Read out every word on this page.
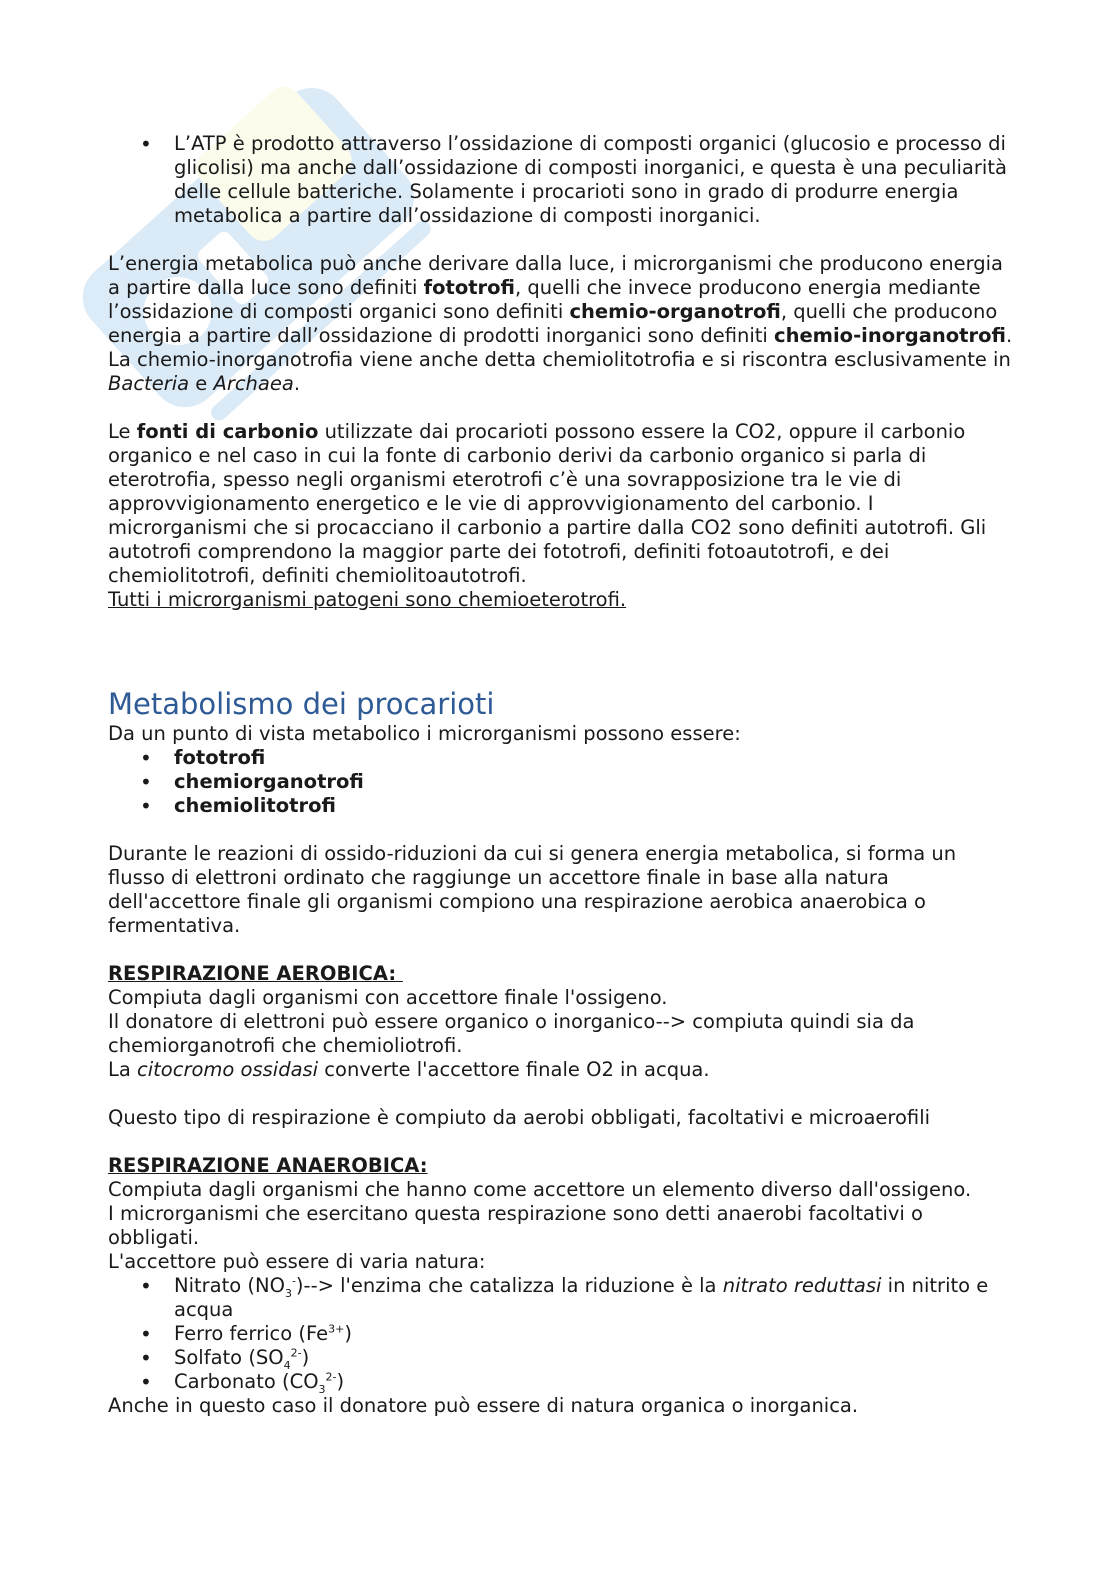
• L’ATP è prodotto attraverso l’ossidazione di composti organici (glucosio e processo di glicolisi) ma anche dall’ossidazione di composti inorganici, e questa è una peculiarità delle cellule batteriche. Solamente i procarioti sono in grado di produrre energia metabolica a partire dall’ossidazione di composti inorganici.

L’energia metabolica può anche derivare dalla luce, i microrganismi che producono energia a partire dalla luce sono definiti fototrofi, quelli che invece producono energia mediante l’ossidazione di composti organici sono definiti chemio-organotrofi, quelli che producono energia a partire dall’ossidazione di prodotti inorganici sono definiti chemio-inorganotrofi. La chemio-inorganotrofia viene anche detta chemiolitotrofia e si riscontra esclusivamente in Bacteria e Archaea.

Le fonti di carbonio utilizzate dai procarioti possono essere la CO2, oppure il carbonio organico e nel caso in cui la fonte di carbonio derivi da carbonio organico si parla di eterotrofia, spesso negli organismi eterotrofi c’è una sovrapposizione tra le vie di approvvigionamento energetico e le vie di approvvigionamento del carbonio. I microrganismi che si procacciano il carbonio a partire dalla CO2 sono definiti autotrofi. Gli autotrofi comprendono la maggior parte dei fototrofi, definiti fotoautotrofi, e dei chemiolitotrofi, definiti chemiolitoautotrofi.

Tutti i microrganismi patogeni sono chemioeterotrofi.

Metabolismo dei procarioti

Da un punto di vista metabolico i microrganismi possono essere:

• fototrofi
• chemiorganotrofi
• chemiolitotrofi

Durante le reazioni di ossido-riduzioni da cui si genera energia metabolica, si forma un flusso di elettroni ordinato che raggiunge un accettore finale in base alla natura dell'accettore finale gli organismi compiono una respirazione aerobica anaerobica o fermentativa.

RESPIRAZIONE AEROBICA:

Compiuta dagli organismi con accettore finale l'ossigeno.

Il donatore di elettroni può essere organico o inorganico--> compiuta quindi sia da chemiorganotrofi che chemioliotrofi.

La citocromo ossidasi converte l'accettore finale O2 in acqua.

Questo tipo di respirazione è compiuto da aerobi obbligati, facoltativi e microaerofili

RESPIRAZIONE ANAEROBICA:

Compiuta dagli organismi che hanno come accettore un elemento diverso dall'ossigeno.

I microrganismi che esercitano questa respirazione sono detti anaerobi facoltativi o obbligati.

L'accettore può essere di varia natura:

• Nitrato $(NO_3^-)-->$ l'enzima che catalizza la riduzione è la nitrato reduttasi in nitrito e acqua
• Ferro ferrico $(Fe^{3+})$
• Solfato $(SO_4^{2-})$
• Carbonato $(CO_3^{2-})$

Anche in questo caso il donatore può essere di natura organica o inorganica.
